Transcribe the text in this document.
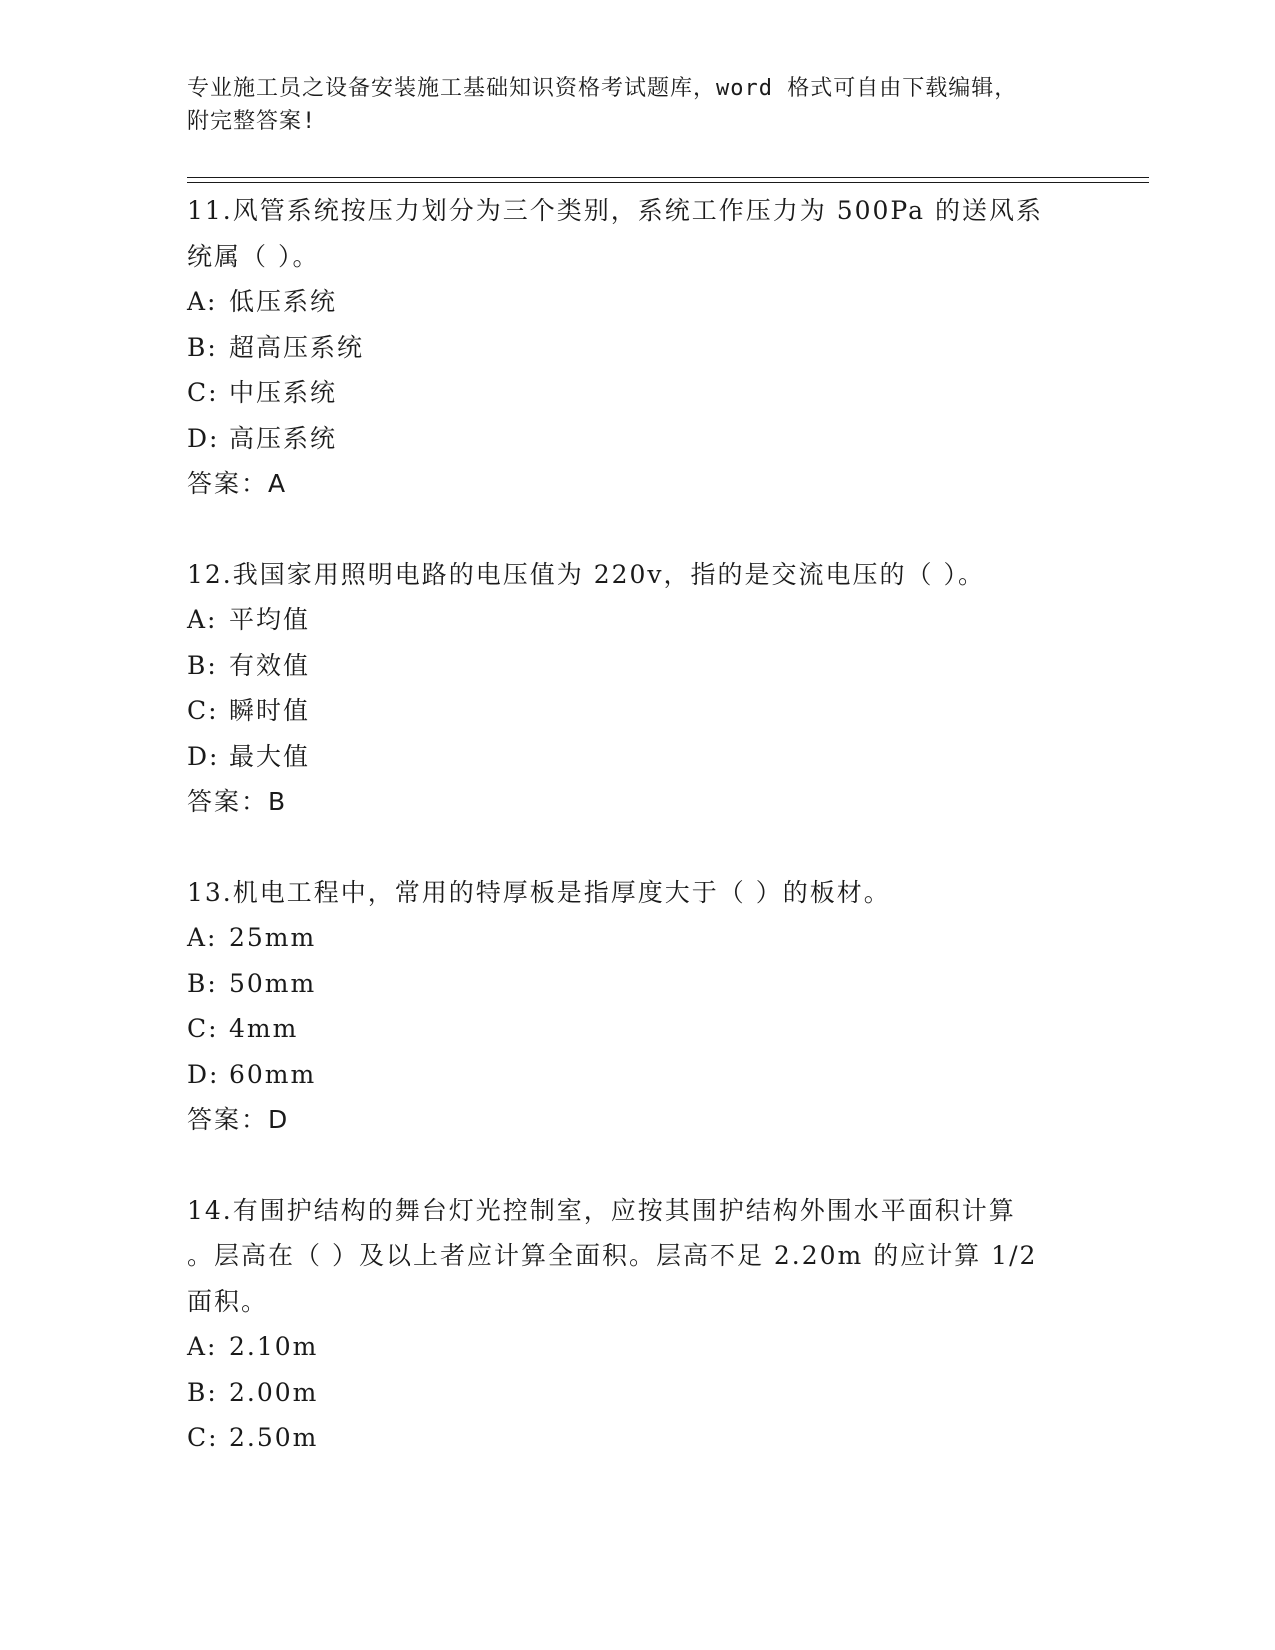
专业施工员之设备安装施工基础知识资格考试题库，word 格式可自由下载编辑，
附完整答案!
11.风管系统按压力划分为三个类别，系统工作压力为 500Pa 的送风系
统属（ ）。
A: 低压系统
B: 超高压系统
C: 中压系统
D: 高压系统
答案：A
12.我国家用照明电路的电压值为 220v，指的是交流电压的（ ）。
A: 平均值
B: 有效值
C: 瞬时值
D: 最大值
答案：B
13.机电工程中，常用的特厚板是指厚度大于（ ）的板材。
A: 25mm
B: 50mm
C: 4mm
D: 60mm
答案：D
14.有围护结构的舞台灯光控制室，应按其围护结构外围水平面积计算
。层高在（ ）及以上者应计算全面积。层高不足 2.20m 的应计算 1/2
面积。
A: 2.10m
B: 2.00m
C: 2.50m
